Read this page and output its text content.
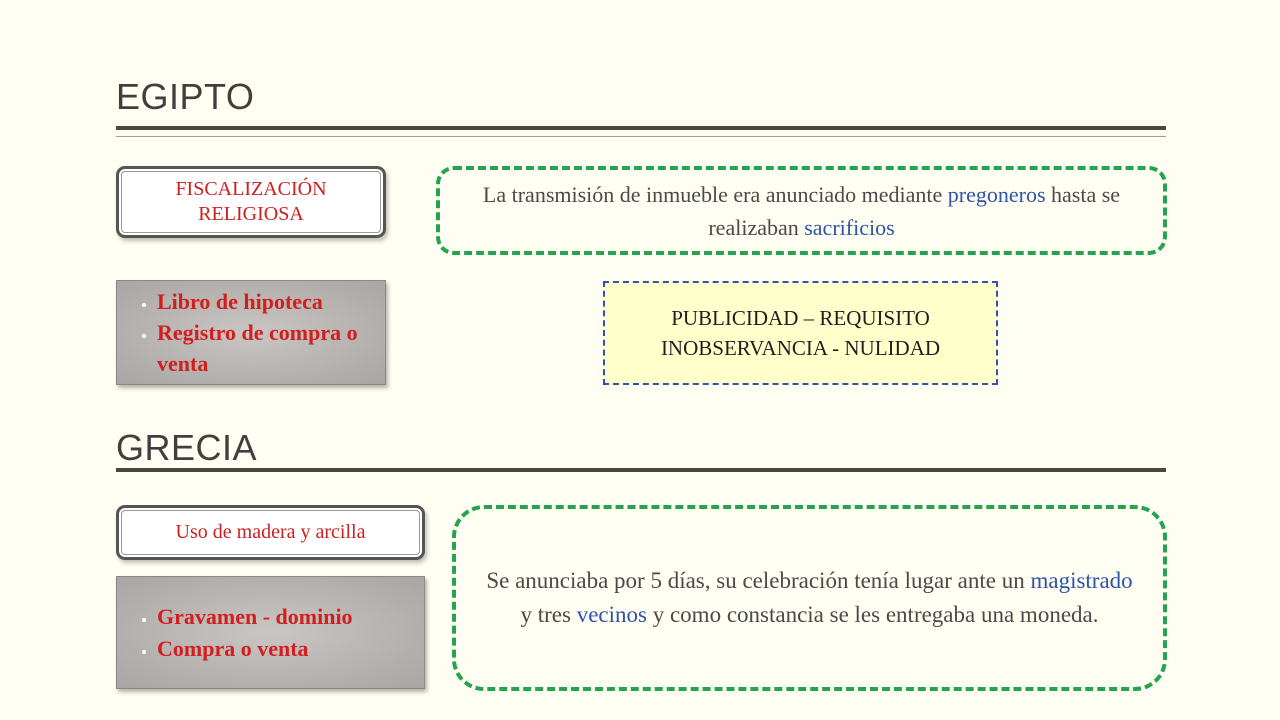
EGIPTO
FISCALIZACIÓN RELIGIOSA

La transmisión de inmueble era anunciado mediante pregoneros hasta se realizaban sacrificios

• Libro de hipoteca
• Registro de compra o venta
PUBLICIDAD – REQUISITO
INOBSERVANCIA - NULIDAD
GRECIA
Uso de madera y arcilla
• Gravamen - dominio
• Compra o venta

Se anunciaba por 5 días, su celebración tenía lugar ante un magistrado y tres vecinos y como constancia se les entregaba una moneda.
